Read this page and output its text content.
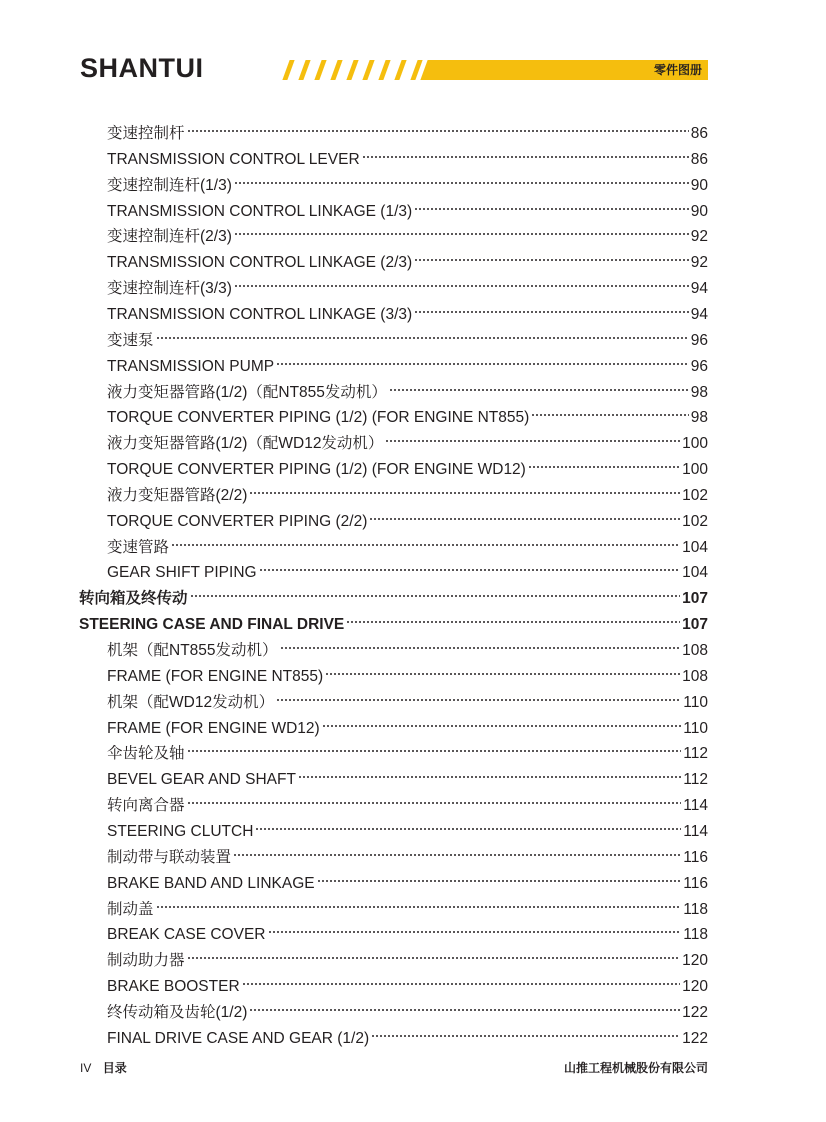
SHANTUI	零件图册
变速控制杆	86
TRANSMISSION CONTROL LEVER	86
变速控制连杆(1/3)	90
TRANSMISSION CONTROL LINKAGE (1/3)	90
变速控制连杆(2/3)	92
TRANSMISSION CONTROL LINKAGE (2/3)	92
变速控制连杆(3/3)	94
TRANSMISSION CONTROL LINKAGE (3/3)	94
变速泵	96
TRANSMISSION PUMP	96
液力变矩器管路(1/2)（配NT855发动机）	98
TORQUE CONVERTER PIPING (1/2) (FOR ENGINE NT855)	98
液力变矩器管路(1/2)（配WD12发动机）	100
TORQUE CONVERTER PIPING (1/2) (FOR ENGINE WD12)	100
液力变矩器管路(2/2)	102
TORQUE CONVERTER PIPING (2/2)	102
变速管路	104
GEAR SHIFT PIPING	104
转向箱及终传动	107
STEERING CASE AND FINAL DRIVE	107
机架（配NT855发动机）	108
FRAME (FOR ENGINE NT855)	108
机架（配WD12发动机）	110
FRAME (FOR ENGINE WD12)	110
伞齿轮及轴	112
BEVEL GEAR AND SHAFT	112
转向离合器	114
STEERING CLUTCH	114
制动带与联动装置	116
BRAKE BAND AND LINKAGE	116
制动盖	118
BREAK CASE COVER	118
制动助力器	120
BRAKE BOOSTER	120
终传动箱及齿轮(1/2)	122
FINAL DRIVE CASE AND GEAR (1/2)	122
IV 目录	山推工程机械股份有限公司
